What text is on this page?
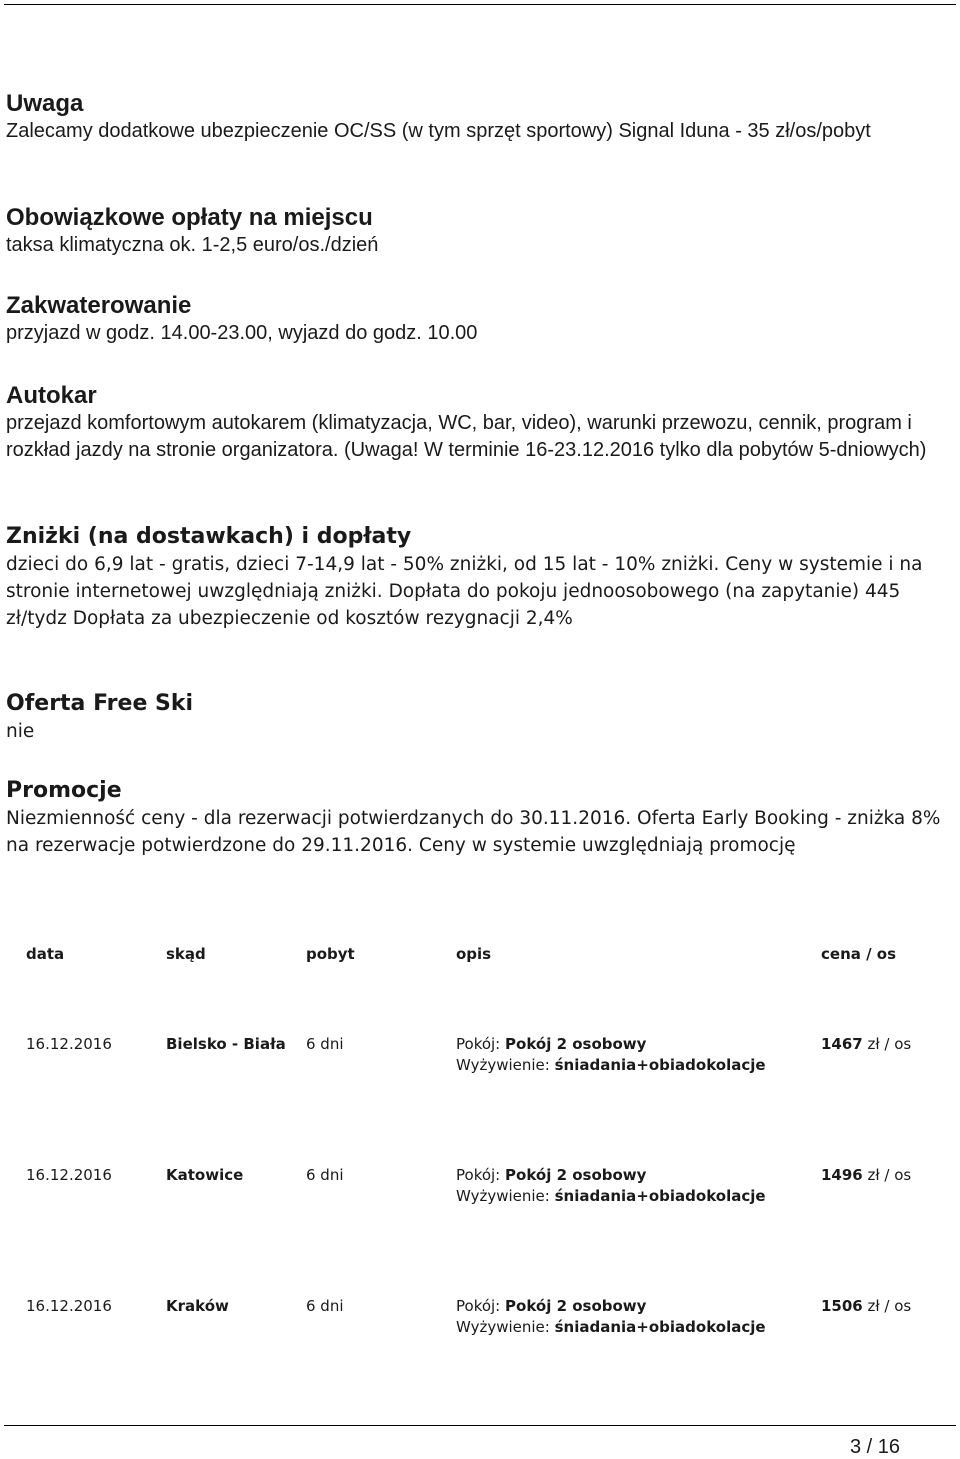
Uwaga

Zalecamy dodatkowe ubezpieczenie OC/SS (w tym sprzęt sportowy) Signal Iduna - 35 zł/os/pobyt

Obowiązkowe opłaty na miejscu

taksa klimatyczna ok. 1-2,5 euro/os./dzień

Zakwaterowanie

przyjazd w godz. 14.00-23.00, wyjazd do godz. 10.00

Autokar

przejazd komfortowym autokarem (klimatyzacja, WC, bar, video), warunki przewozu, cennik, program i rozkład jazdy na stronie organizatora. (Uwaga! W terminie 16-23.12.2016 tylko dla pobytów 5-dniowych)

Zniżki (na dostawkach) i dopłaty

dzieci do 6,9 lat - gratis, dzieci 7-14,9 lat - 50% zniżki, od 15 lat - 10% zniżki. Ceny w systemie i na stronie internetowej uwzględniają zniżki. Dopłata do pokoju jednoosobowego (na zapytanie) 445 zł/tydz Dopłata za ubezpieczenie od kosztów rezygnacji 2,4%

Oferta Free Ski

nie

Promocje

Niezmienność ceny - dla rezerwacji potwierdzanych do 30.11.2016. Oferta Early Booking - zniżka 8% na rezerwacje potwierdzone do 29.11.2016. Ceny w systemie uwzględniają promocję

data	skąd	pobyt	opis	cena / os
16.12.2016	Bielsko - Biała 6 dni	Pokój: Pokój 2 osobowy
Wyżywienie: śniadania+obiadokolacje
1467 zł / os
16.12.2016	Katowice	6 dni	Pokój: Pokój 2 osobowy
Wyżywienie: śniadania+obiadokolacje
1496 zł / os
16.12.2016	Kraków	6 dni	Pokój: Pokój 2 osobowy
Wyżywienie: śniadania+obiadokolacje
1506 zł / os
3 / 16
